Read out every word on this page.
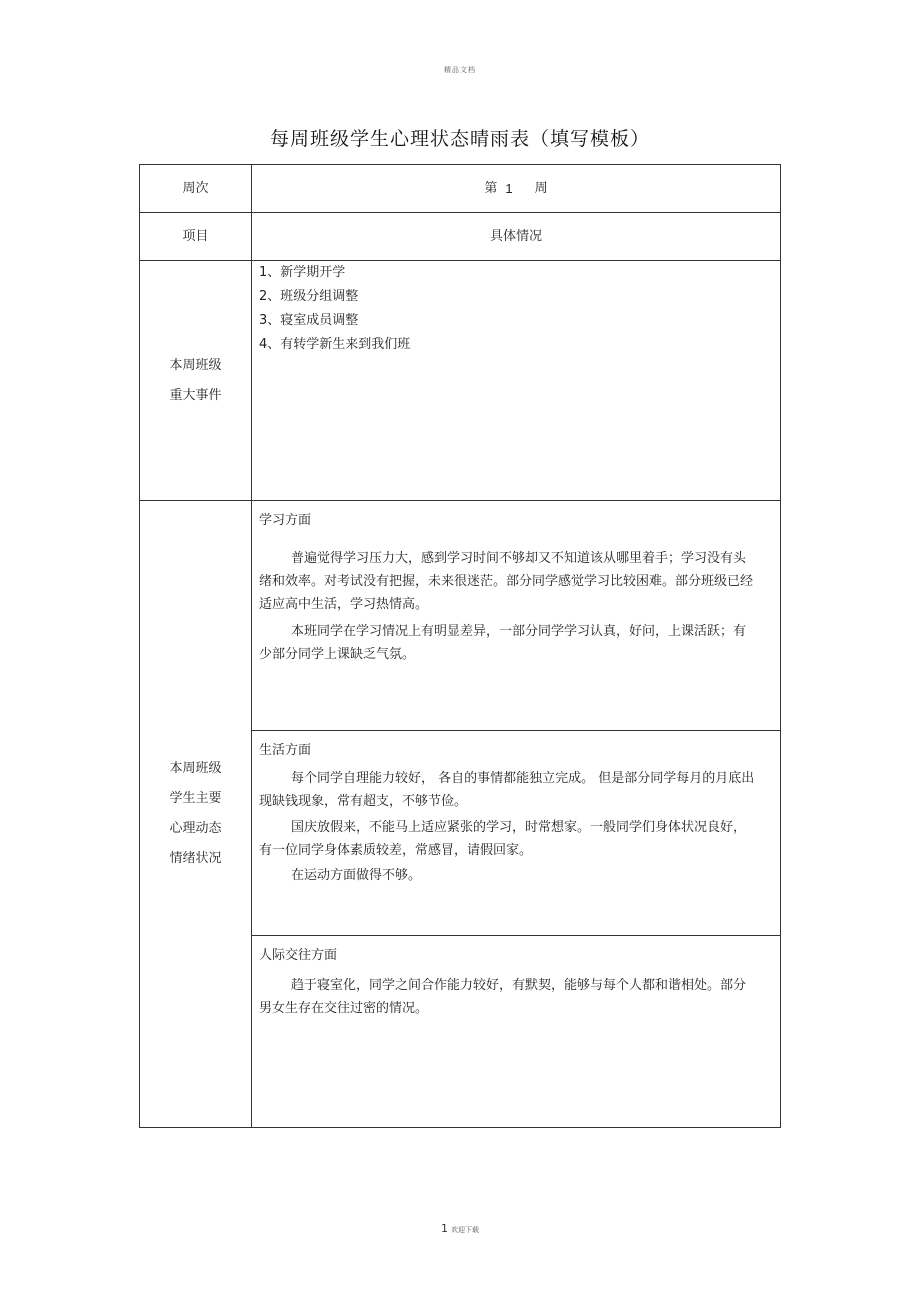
精品文档
每周班级学生心理状态晴雨表（填写模板）
周次	第 1 周
项目	具体情况
本周班级
重大事件
1、新学期开学
2、班级分组调整
3、寝室成员调整
4、有转学新生来到我们班
本周班级
学生主要
心理动态
情绪状况
学习方面

普遍觉得学习压力大，感到学习时间不够却又不知道该从哪里着手；学习没有头绪和效率。对考试没有把握，未来很迷茫。部分同学感觉学习比较困难。部分班级已经适应高中生活，学习热情高。

本班同学在学习情况上有明显差异，一部分同学学习认真，好问，上课活跃；有少部分同学上课缺乏气氛。

生活方面

每个同学自理能力较好， 各自的事情都能独立完成。 但是部分同学每月的月底出现缺钱现象，常有超支，不够节俭。

国庆放假来，不能马上适应紧张的学习，时常想家。一般同学们身体状况良好，有一位同学身体素质较差，常感冒，请假回家。

在运动方面做得不够。

人际交往方面

趋于寝室化，同学之间合作能力较好，有默契，能够与每个人都和谐相处。部分男女生存在交往过密的情况。

1 欢迎下载
